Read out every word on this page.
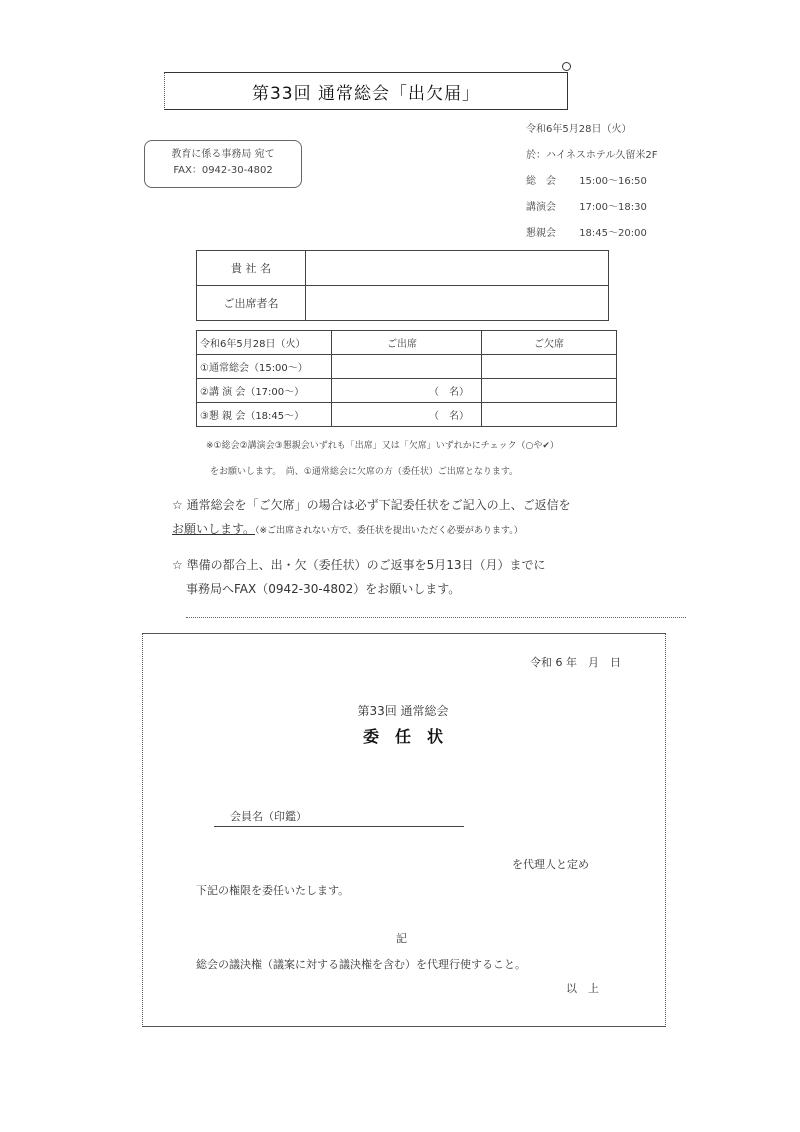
第33回 通常総会「出欠届」
教育に係る事務局 宛て
FAX：0942-30-4802
令和6年5月28日（火）
於：ハイネスホテル久留米2F
総　会 15:00～16:50
講演会 17:00～18:30
懇親会 18:45～20:00
貴 社 名	
ご出席者名	
令和6年5月28日（火）	ご出席	ご欠席
①通常総会（15:00～）		
②講 演 会（17:00～）	（　名）	
③懇 親 会（18:45～）	（　名）	
※①総会②講演会③懇親会いずれも「出席」又は「欠席」いずれかにチェック（○や✔）
をお願いします。　尚、①通常総会に欠席の方（委任状）ご出席となります。
☆ 通常総会を「ご欠席」の場合は必ず下記委任状をご記入の上、ご返信を
お願いします。（※ご出席されない方で、委任状を提出いただく必要があります。）
☆ 準備の都合上、出・欠（委任状）のご返事を5月13日（月）までに
事務局へFAX（0942-30-4802）をお願いします。
令和 6 年　月　日
第33回 通常総会
委　任　状
会員名（印鑑）
を代理人と定め
下記の権限を委任いたします。
記
総会の議決権（議案に対する議決権を含む）を代理行使すること。
以　上
